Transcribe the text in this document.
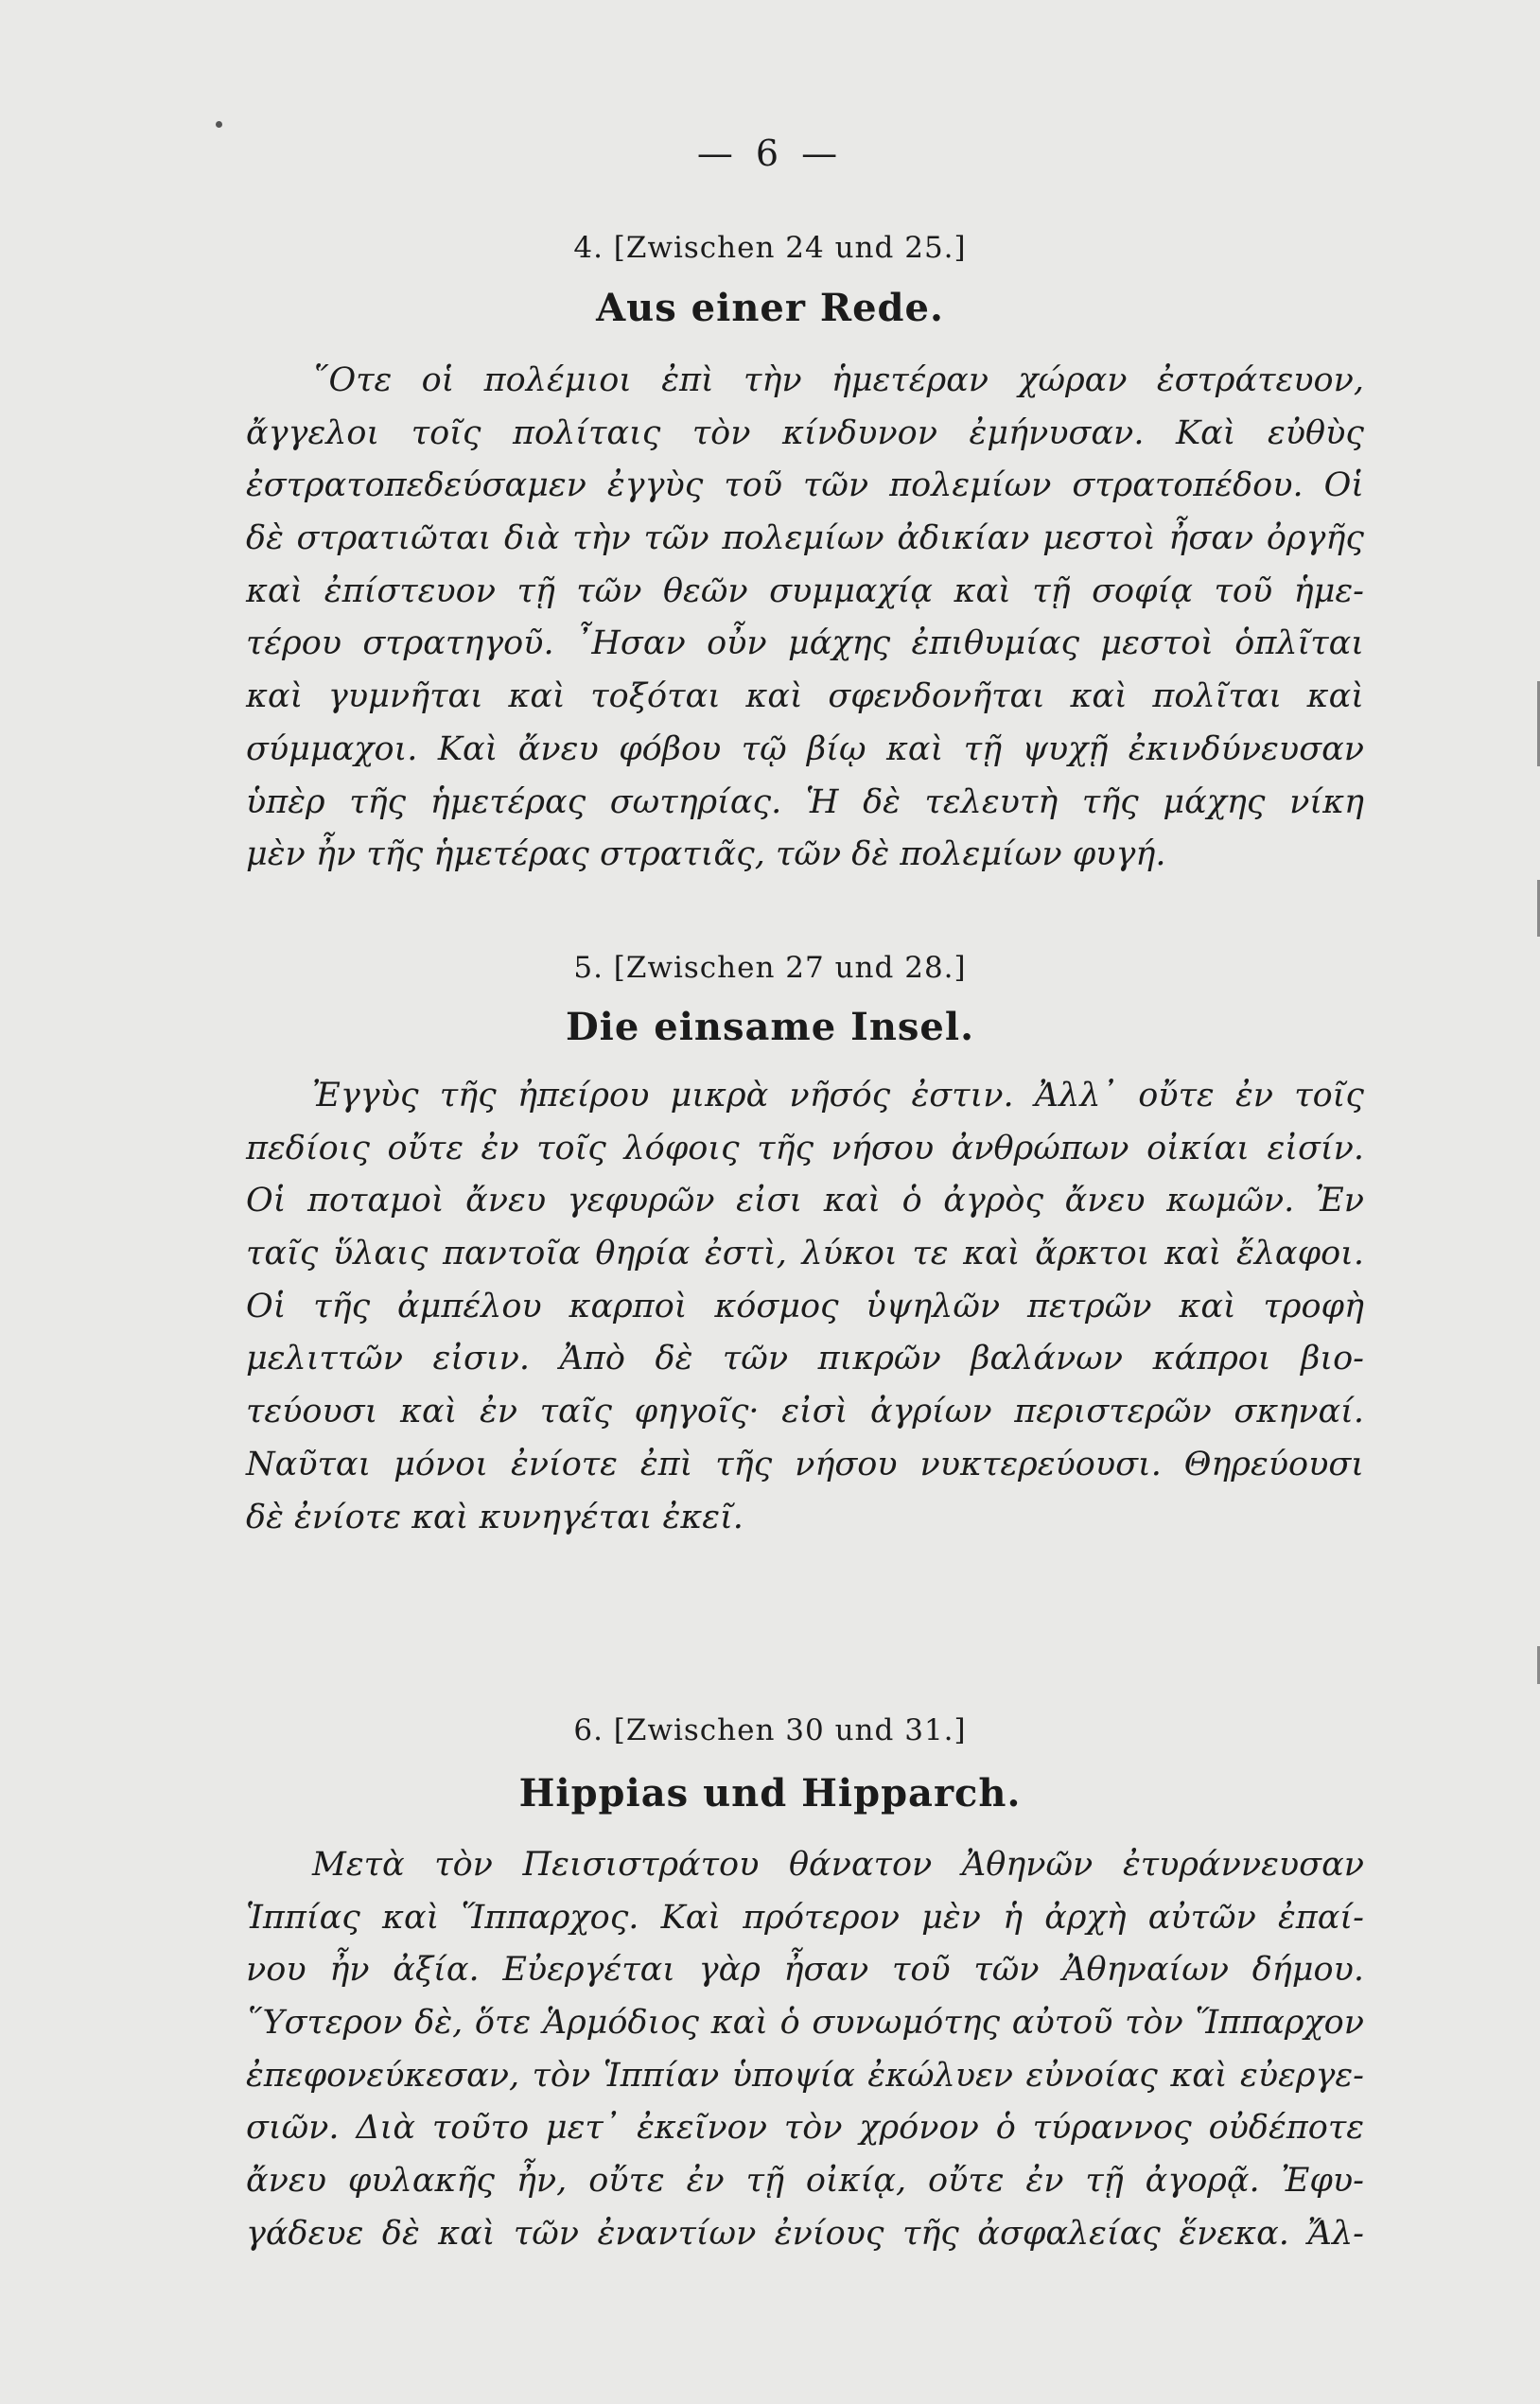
— 6 —
4. [Zwischen 24 und 25.]
Aus einer Rede.
῞Οτε οἱ πολέμιοι ἐπὶ τὴν ἡμετέραν χώραν ἐστράτευον,
ἄγγελοι τοῖς πολίταις τὸν κίνδυνον ἐμήνυσαν. Καὶ εὐθὺς
ἐστρατοπεδεύσαμεν ἐγγὺς τοῦ τῶν πολεμίων στρατοπέδου. Οἱ
δὲ στρατιῶται διὰ τὴν τῶν πολεμίων ἀδικίαν μεστοὶ ἦσαν ὀργῆς
καὶ ἐπίστευον τῇ τῶν θεῶν συμμαχίᾳ καὶ τῇ σοφίᾳ τοῦ ἡμε-
τέρου στρατηγοῦ. ῏Ησαν οὖν μάχης ἐπιθυμίας μεστοὶ ὁπλῖται
καὶ γυμνῆται καὶ τοξόται καὶ σφενδονῆται καὶ πολῖται καὶ
σύμμαχοι. Καὶ ἄνευ φόβου τῷ βίῳ καὶ τῇ ψυχῇ ἐκινδύνευσαν
ὑπὲρ τῆς ἡμετέρας σωτηρίας. Ἡ δὲ τελευτὴ τῆς μάχης νίκη
μὲν ἦν τῆς ἡμετέρας στρατιᾶς, τῶν δὲ πολεμίων φυγή.
5. [Zwischen 27 und 28.]
Die einsame Insel.
Ἐγγὺς τῆς ἠπείρου μικρὰ νῆσός ἐστιν. Ἀλλ᾽ οὔτε ἐν τοῖς
πεδίοις οὔτε ἐν τοῖς λόφοις τῆς νήσου ἀνθρώπων οἰκίαι εἰσίν.
Οἱ ποταμοὶ ἄνευ γεφυρῶν εἰσι καὶ ὁ ἀγρὸς ἄνευ κωμῶν. Ἐν
ταῖς ὕλαις παντοῖα θηρία ἐστὶ, λύκοι τε καὶ ἄρκτοι καὶ ἔλαφοι.
Οἱ τῆς ἀμπέλου καρποὶ κόσμος ὑψηλῶν πετρῶν καὶ τροφὴ
μελιττῶν εἰσιν. Ἀπὸ δὲ τῶν πικρῶν βαλάνων κάπροι βιο-
τεύουσι καὶ ἐν ταῖς φηγοῖς· εἰσὶ ἀγρίων περιστερῶν σκηναί.
Ναῦται μόνοι ἐνίοτε ἐπὶ τῆς νήσου νυκτερεύουσι. Θηρεύουσι
δὲ ἐνίοτε καὶ κυνηγέται ἐκεῖ.
6. [Zwischen 30 und 31.]
Hippias und Hipparch.
Μετὰ τὸν Πεισιστράτου θάνατον Ἀθηνῶν ἐτυράννευσαν
Ἱππίας καὶ Ἵππαρχος. Καὶ πρότερον μὲν ἡ ἀρχὴ αὐτῶν ἐπαί-
νου ἦν ἀξία. Εὐεργέται γὰρ ἦσαν τοῦ τῶν Ἀθηναίων δήμου.
῞Υστερον δὲ, ὅτε Ἁρμόδιος καὶ ὁ συνωμότης αὐτοῦ τὸν Ἵππαρχον
ἐπεφονεύκεσαν, τὸν Ἱππίαν ὑποψία ἐκώλυεν εὐνοίας καὶ εὐεργε-
σιῶν. Διὰ τοῦτο μετ᾽ ἐκεῖνον τὸν χρόνον ὁ τύραννος οὐδέποτε
ἄνευ φυλακῆς ἦν, οὔτε ἐν τῇ οἰκίᾳ, οὔτε ἐν τῇ ἀγορᾷ. Ἐφυ-
γάδευε δὲ καὶ τῶν ἐναντίων ἐνίους τῆς ἀσφαλείας ἕνεκα. Ἄλ-
